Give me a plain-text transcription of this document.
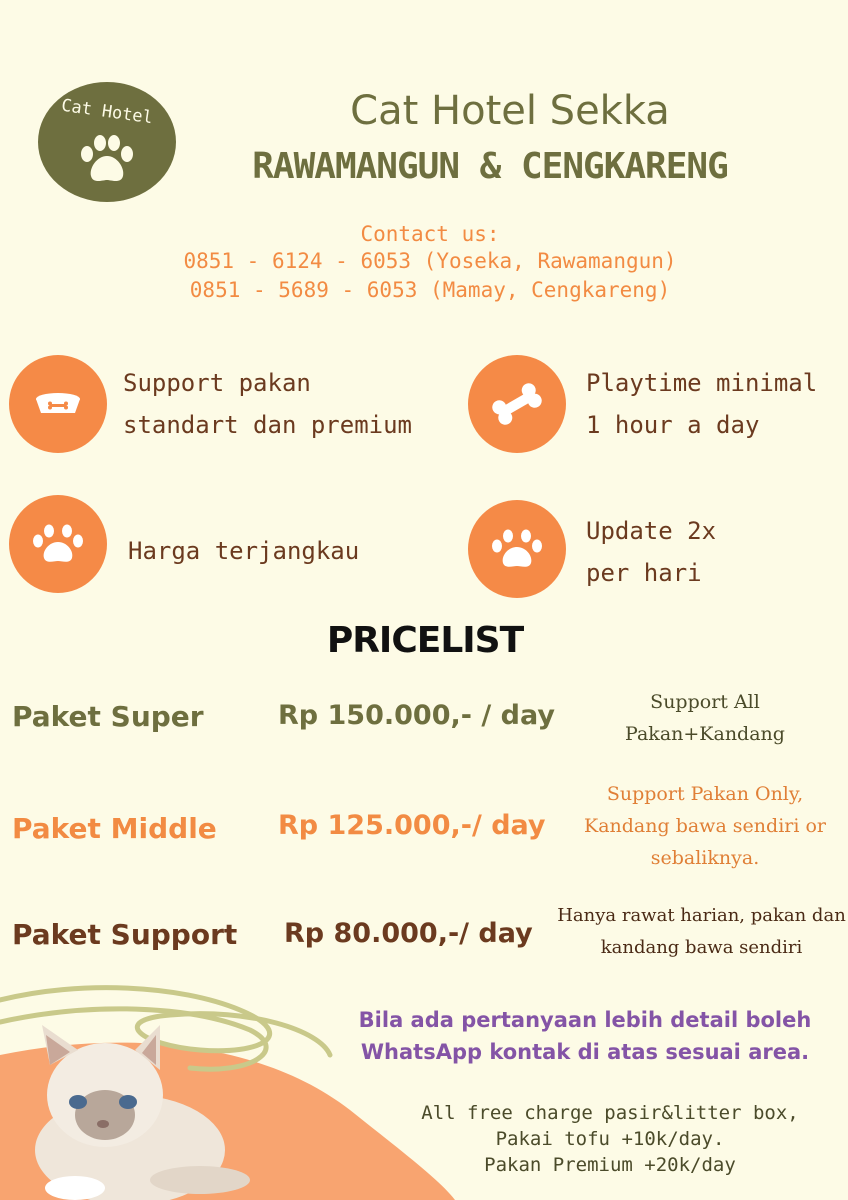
Cat Hotel	Cat Hotel Sekka
RAWAMANGUN & CENGKARENG
Contact us:
0851 - 6124 - 6053 (Yoseka, Rawamangun)
0851 - 5689 - 6053 (Mamay, Cengkareng)
Support pakan
standart dan premium
Playtime minimal
1 hour a day
Harga terjangkau
Update 2x
per hari
PRICELIST
Paket Super	Rp 150.000,- / day	Support All
Pakan+Kandang
Paket Middle Rp 125.000,-/ day
Support Pakan Only,
Kandang bawa sendiri or
sebaliknya.
Paket Support Rp 80.000,-/ day
Hanya rawat harian, pakan dan
kandang bawa sendiri
Bila ada pertanyaan lebih detail boleh
WhatsApp kontak di atas sesuai area.
All free charge pasir&litter box,
Pakai tofu +10k/day.
Pakan Premium +20k/day
